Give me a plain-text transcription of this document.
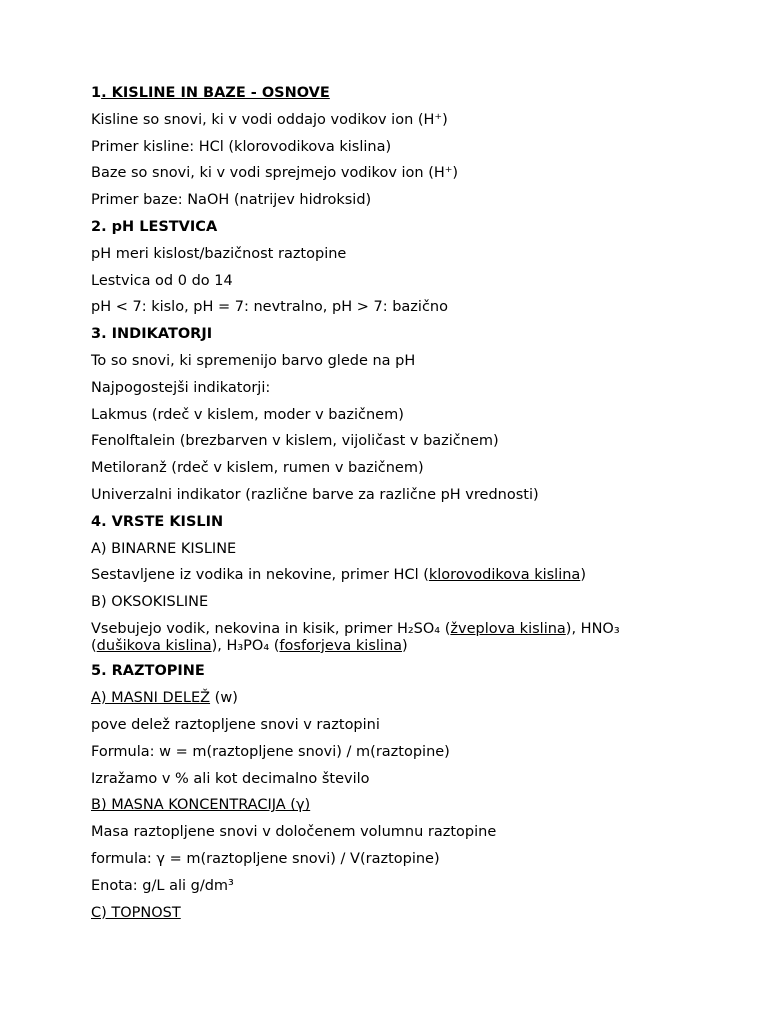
1. KISLINE IN BAZE - OSNOVE
Kisline so snovi, ki v vodi oddajo vodikov ion (H⁺)
Primer kisline: HCl (klorovodikova kislina)
Baze so snovi, ki v vodi sprejmejo vodikov ion (H⁺)
Primer baze: NaOH (natrijev hidroksid)
2. pH LESTVICA
pH meri kislost/bazičnost raztopine
Lestvica od 0 do 14
pH < 7: kislo, pH = 7: nevtralno, pH > 7: bazično
3. INDIKATORJI
To so snovi, ki spremenijo barvo glede na pH
Najpogostejši indikatorji:
Lakmus (rdeč v kislem, moder v bazičnem)
Fenolftalein (brezbarven v kislem, vijoličast v bazičnem)
Metiloranž (rdeč v kislem, rumen v bazičnem)
Univerzalni indikator (različne barve za različne pH vrednosti)
4. VRSTE KISLIN
A) BINARNE KISLINE
Sestavljene iz vodika in nekovine, primer HCl (klorovodikova kislina)
B) OKSOKISLINE
Vsebujejo vodik, nekovina in kisik, primer H₂SO₄ (žveplova kislina), HNO₃ (dušikova kislina), H₃PO₄ (fosforjeva kislina)
5. RAZTOPINE
A) MASNI DELEŽ (w)
pove delež raztopljene snovi v raztopini
Formula: w = m(raztopljene snovi) / m(raztopine)
Izražamo v % ali kot decimalno število
B) MASNA KONCENTRACIJA (γ)
Masa raztopljene snovi v določenem volumnu raztopine
formula: γ = m(raztopljene snovi) / V(raztopine)
Enota: g/L ali g/dm³
C) TOPNOST
